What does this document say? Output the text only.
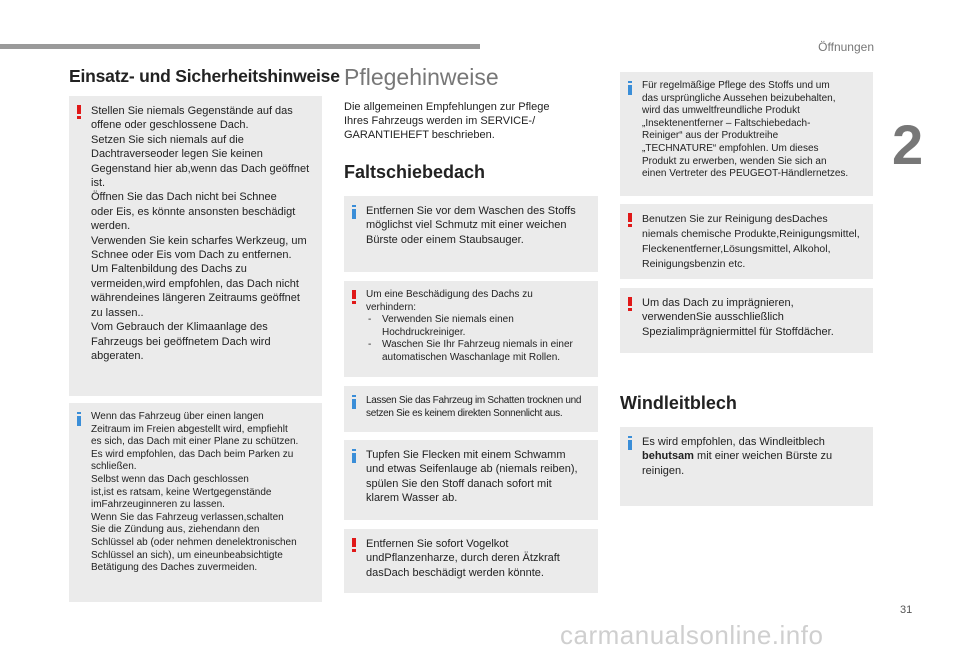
Öffnungen
2
Einsatz- und Sicherheitshinweise

Stellen Sie niemals Gegenstände auf das
offene oder geschlossene Dach.
Setzen Sie sich niemals auf die
Dachtraverseoder legen Sie keinen
Gegenstand hier ab,wenn das Dach geöffnet
ist.
Öffnen Sie das Dach nicht bei Schnee
oder Eis, es könnte ansonsten beschädigt
werden.
Verwenden Sie kein scharfes Werkzeug, um
Schnee oder Eis vom Dach zu entfernen.
Um Faltenbildung des Dachs zu
vermeiden,wird empfohlen, das Dach nicht
währendeines längeren Zeitraums geöffnet
zu lassen..
Vom Gebrauch der Klimaanlage des
Fahrzeugs bei geöffnetem Dach wird
abgeraten.

Wenn das Fahrzeug über einen langen
Zeitraum im Freien abgestellt wird, empfiehlt
es sich, das Dach mit einer Plane zu schützen.
Es wird empfohlen, das Dach beim Parken zu
schließen.
Selbst wenn das Dach geschlossen
ist,ist es ratsam, keine Wertgegenstände
imFahrzeuginneren zu lassen.
Wenn Sie das Fahrzeug verlassen,schalten
Sie die Zündung aus, ziehendann den
Schlüssel ab (oder nehmen denelektronischen
Schlüssel an sich), um eineunbeabsichtigte
Betätigung des Daches zuvermeiden.

Pflegehinweise

Die allgemeinen Empfehlungen zur Pflege
Ihres Fahrzeugs werden im SERVICE-/
GARANTIEHEFT beschrieben.

Faltschiebedach

Entfernen Sie vor dem Waschen des Stoffs
möglichst viel Schmutz mit einer weichen
Bürste oder einem Staubsauger.

Um eine Beschädigung des Dachs zu
verhindern:

- Verwenden Sie niemals einen
Hochdruckreiniger.
- Waschen Sie Ihr Fahrzeug niemals in einer
automatischen Waschanlage mit Rollen.

Lassen Sie das Fahrzeug im Schatten trocknen und
setzen Sie es keinem direkten Sonnenlicht aus.

Tupfen Sie Flecken mit einem Schwamm
und etwas Seifenlauge ab (niemals reiben),
spülen Sie den Stoff danach sofort mit
klarem Wasser ab.

Entfernen Sie sofort Vogelkot
undPflanzenharze, durch deren Ätzkraft
dasDach beschädigt werden könnte.

Für regelmäßige Pflege des Stoffs und um
das ursprüngliche Aussehen beizubehalten,
wird das umweltfreundliche Produkt
„Insektenentferner – Faltschiebedach-
Reiniger“ aus der Produktreihe
„TECHNATURE“ empfohlen. Um dieses
Produkt zu erwerben, wenden Sie sich an
einen Vertreter des PEUGEOT-Händlernetzes.

Benutzen Sie zur Reinigung desDaches
niemals chemische Produkte,Reinigungsmittel,
Fleckenentferner,Lösungsmittel, Alkohol,
Reinigungsbenzin etc.

Um das Dach zu imprägnieren,
verwendenSie ausschließlich
Spezialimprägniermittel für Stoffdächer.

Windleitblech

Es wird empfohlen, das Windleitblech
behutsam mit einer weichen Bürste zu
reinigen.

31
carmanualsonline.info
